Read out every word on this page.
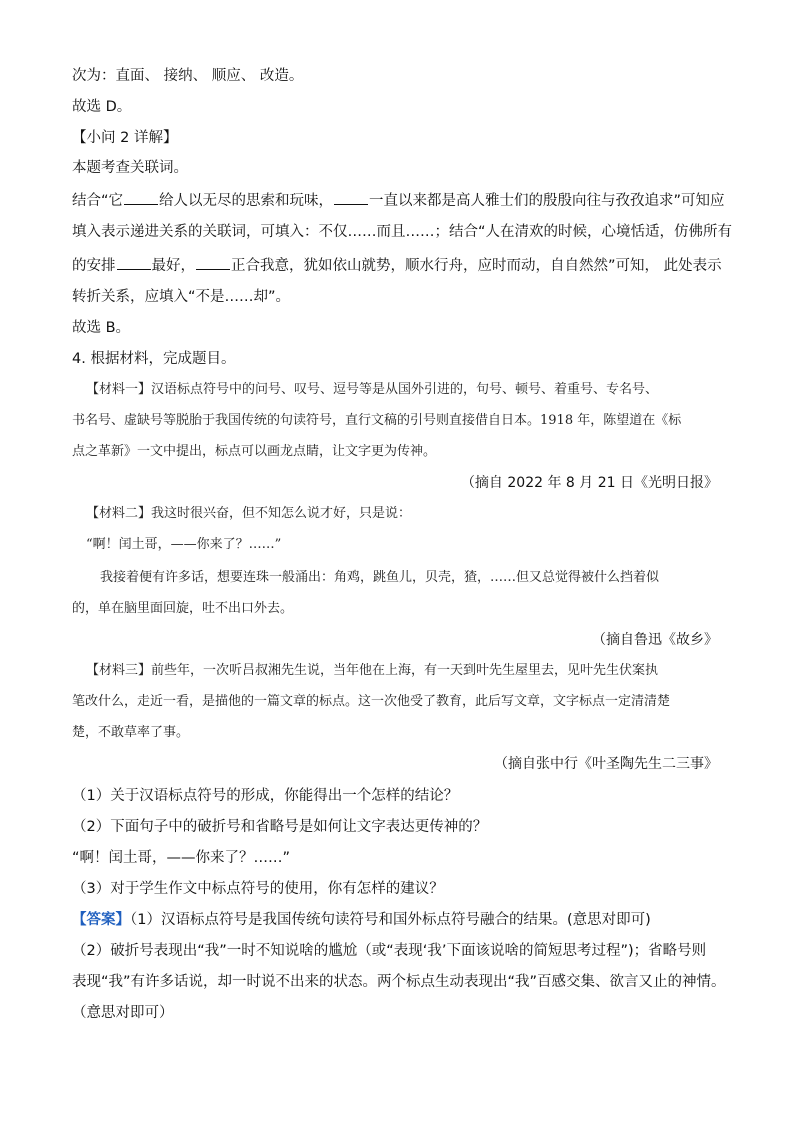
次为：直面、 接纳、 顺应、 改造。
故选 D。
【小问 2 详解】
本题考查关联词。
结合“它 给人以无尽的思索和玩味， 一直以来都是高人雅士们的殷殷向往与孜孜追求”可知应
填入表示递进关系的关联词，可填入：不仅……而且……；结合“人在清欢的时候，心境恬适，仿佛所有
的安排 最好， 正合我意，犹如依山就势，顺水行舟，应时而动，自自然然”可知， 此处表示
转折关系，应填入“不是……却”。
故选 B。
4. 根据材料，完成题目。
【材料一】汉语标点符号中的问号、叹号、逗号等是从国外引进的，句号、顿号、着重号、专名号、
书名号、虚缺号等脱胎于我国传统的句读符号，直行文稿的引号则直接借自日本。1918 年，陈望道在《标
点之革新》一文中提出，标点可以画龙点睛，让文字更为传神。
（摘自 2022 年 8 月 21 日《光明日报》
【材料二】我这时很兴奋，但不知怎么说才好，只是说：
“啊！闰土哥，——你来了？……”
我接着便有许多话，想要连珠一般涌出：角鸡，跳鱼儿，贝壳，猹，……但又总觉得被什么挡着似
的，单在脑里面回旋，吐不出口外去。
（摘自鲁迅《故乡》
【材料三】前些年，一次听吕叔湘先生说，当年他在上海，有一天到叶先生屋里去，见叶先生伏案执
笔改什么，走近一看，是描他的一篇文章的标点。这一次他受了教育，此后写文章，文字标点一定清清楚
楚，不敢草率了事。
（摘自张中行《叶圣陶先生二三事》
（1）关于汉语标点符号的形成，你能得出一个怎样的结论？
（2）下面句子中的破折号和省略号是如何让文字表达更传神的？
“啊！闰土哥，——你来了？……”
（3）对于学生作文中标点符号的使用，你有怎样的建议？
【答案】（1）汉语标点符号是我国传统句读符号和国外标点符号融合的结果。(意思对即可)
（2）破折号表现出“我”一时不知说啥的尴尬（或“表现‘我’下面该说啥的简短思考过程”)；省略号则
表现“我”有许多话说，却一时说不出来的状态。两个标点生动表现出“我”百感交集、欲言又止的神情。
（意思对即可）
